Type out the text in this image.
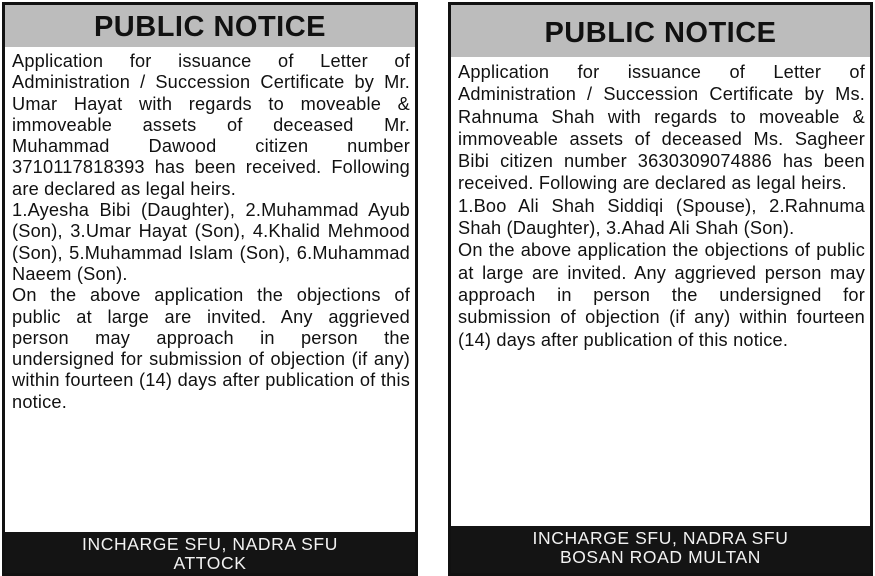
PUBLIC NOTICE

Application for issuance of Letter of Administration / Succession Certificate by Mr. Umar Hayat with regards to moveable & immoveable assets of deceased Mr. Muhammad Dawood citizen number 3710117818393 has been received. Following are declared as legal heirs.

1.Ayesha Bibi (Daughter), 2.Muhammad Ayub (Son), 3.Umar Hayat (Son), 4.Khalid Mehmood (Son), 5.Muhammad Islam (Son), 6.Muhammad Naeem (Son).

On the above application the objections of public at large are invited. Any aggrieved person may approach in person the undersigned for submission of objection (if any) within fourteen (14) days after publication of this notice.

INCHARGE SFU, NADRA SFU
ATTOCK
PUBLIC NOTICE

Application for issuance of Letter of Administration / Succession Certificate by Ms. Rahnuma Shah with regards to moveable & immoveable assets of deceased Ms. Sagheer Bibi citizen number 3630309074886 has been received. Following are declared as legal heirs.

1.Boo Ali Shah Siddiqi (Spouse), 2.Rahnuma Shah (Daughter), 3.Ahad Ali Shah (Son).

On the above application the objections of public at large are invited. Any aggrieved person may approach in person the undersigned for submission of objection (if any) within fourteen (14) days after publication of this notice.

INCHARGE SFU, NADRA SFU
BOSAN ROAD MULTAN
